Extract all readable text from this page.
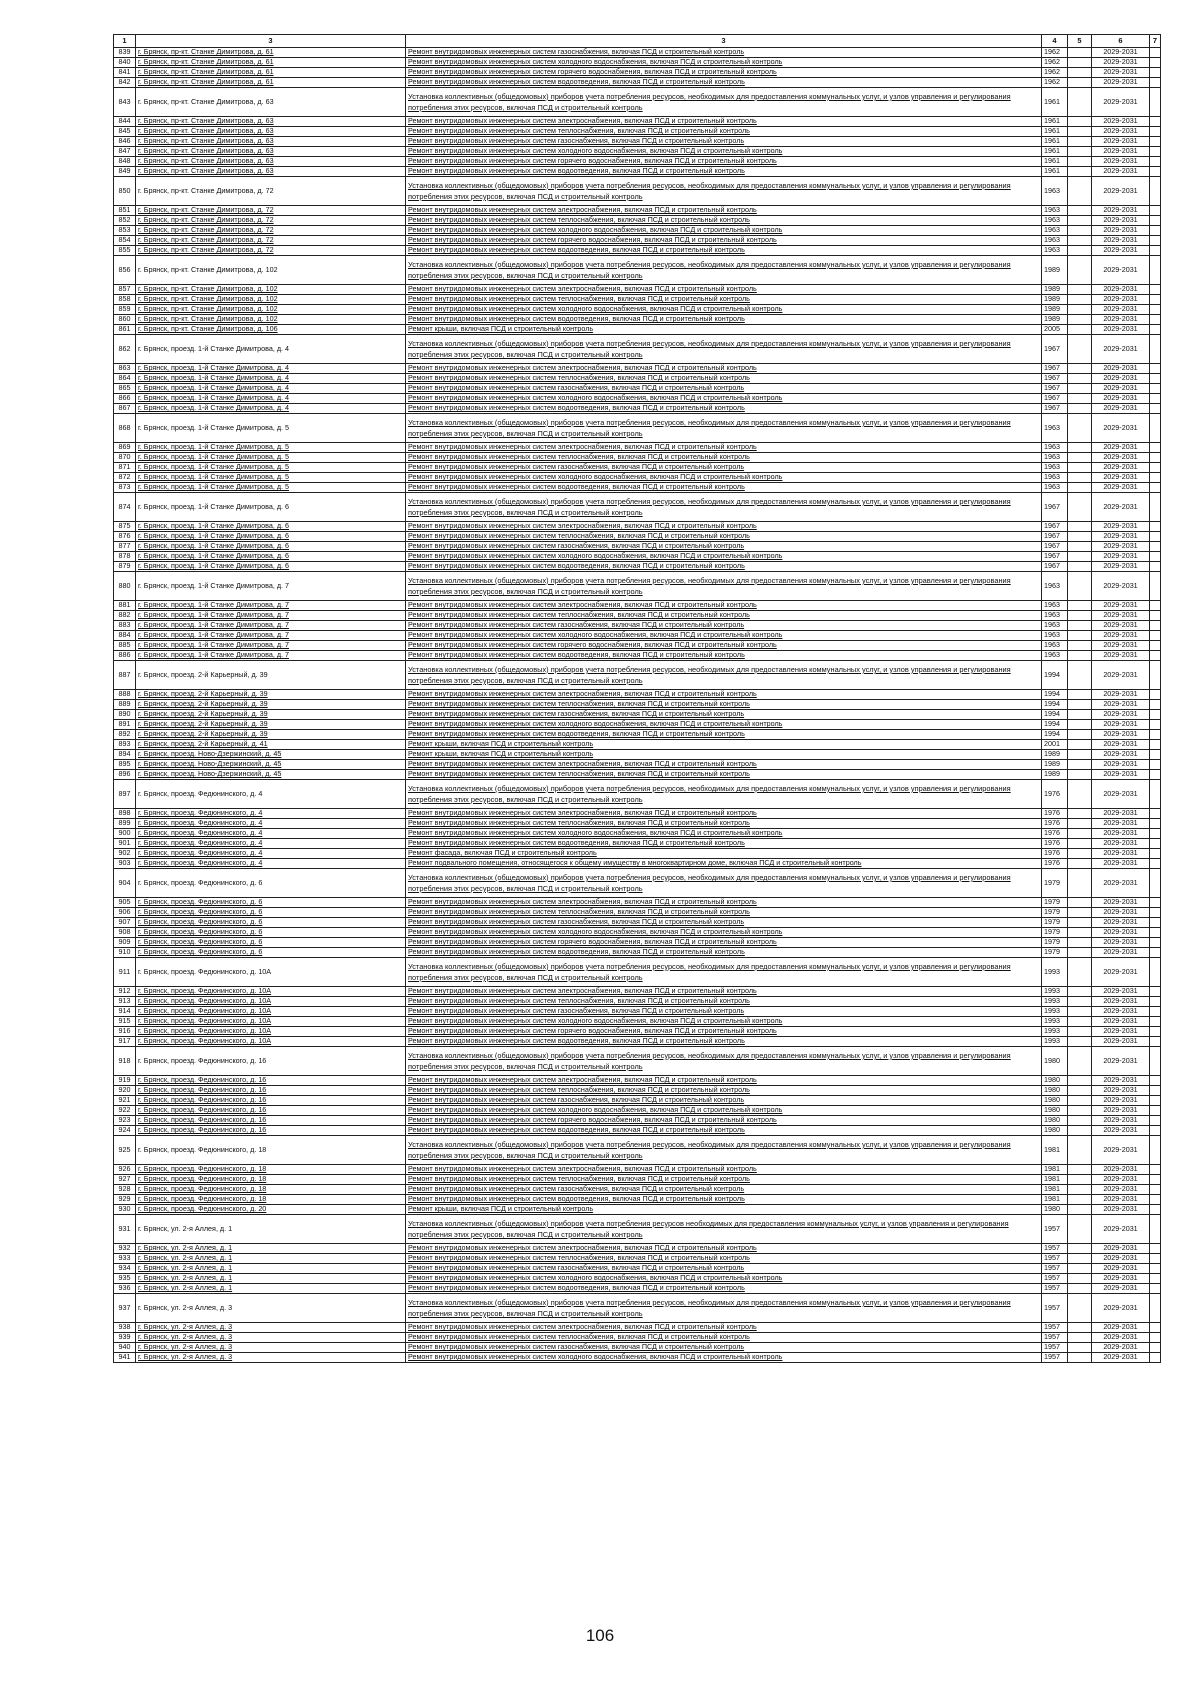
1	3	3	4	5	6	7
839	г. Брянск, пр-кт. Станке Димитрова, д. 61	Ремонт внутридомовых инженерных систем газоснабжения, включая ПСД и строительный контроль	1962		2029-2031	
840	г. Брянск, пр-кт. Станке Димитрова, д. 61	Ремонт внутридомовых инженерных систем холодного водоснабжения, включая ПСД и строительный контроль	1962		2029-2031	
841	г. Брянск, пр-кт. Станке Димитрова, д. 61	Ремонт внутридомовых инженерных систем горячего водоснабжения, включая ПСД и строительный контроль	1962		2029-2031	
842	г. Брянск, пр-кт. Станке Димитрова, д. 61	Ремонт внутридомовых инженерных систем водоотведения, включая ПСД и строительный контроль	1962		2029-2031	
843	г. Брянск, пр-кт. Станке Димитрова, д. 63	Установка коллективных (общедомовых) приборов учета потребления ресурсов, необходимых для предоставления коммунальных услуг, и узлов управления и регулирования потребления этих ресурсов, включая ПСД и строительный контроль	1961		2029-2031	
844	г. Брянск, пр-кт. Станке Димитрова, д. 63	Ремонт внутридомовых инженерных систем электроснабжения, включая ПСД и строительный контроль	1961		2029-2031	
845	г. Брянск, пр-кт. Станке Димитрова, д. 63	Ремонт внутридомовых инженерных систем теплоснабжения, включая ПСД и строительный контроль	1961		2029-2031	
846	г. Брянск, пр-кт. Станке Димитрова, д. 63	Ремонт внутридомовых инженерных систем газоснабжения, включая ПСД и строительный контроль	1961		2029-2031	
847	г. Брянск, пр-кт. Станке Димитрова, д. 63	Ремонт внутридомовых инженерных систем холодного водоснабжения, включая ПСД и строительный контроль	1961		2029-2031	
848	г. Брянск, пр-кт. Станке Димитрова, д. 63	Ремонт внутридомовых инженерных систем горячего водоснабжения, включая ПСД и строительный контроль	1961		2029-2031	
849	г. Брянск, пр-кт. Станке Димитрова, д. 63	Ремонт внутридомовых инженерных систем водоотведения, включая ПСД и строительный контроль	1961		2029-2031	
850	г. Брянск, пр-кт. Станке Димитрова, д. 72	Установка коллективных (общедомовых) приборов учета потребления ресурсов, необходимых для предоставления коммунальных услуг, и узлов управления и регулирования потребления этих ресурсов, включая ПСД и строительный контроль	1963		2029-2031	
851	г. Брянск, пр-кт. Станке Димитрова, д. 72	Ремонт внутридомовых инженерных систем электроснабжения, включая ПСД и строительный контроль	1963		2029-2031	
852	г. Брянск, пр-кт. Станке Димитрова, д. 72	Ремонт внутридомовых инженерных систем теплоснабжения, включая ПСД и строительный контроль	1963		2029-2031	
853	г. Брянск, пр-кт. Станке Димитрова, д. 72	Ремонт внутридомовых инженерных систем холодного водоснабжения, включая ПСД и строительный контроль	1963		2029-2031	
854	г. Брянск, пр-кт. Станке Димитрова, д. 72	Ремонт внутридомовых инженерных систем горячего водоснабжения, включая ПСД и строительный контроль	1963		2029-2031	
855	г. Брянск, пр-кт. Станке Димитрова, д. 72	Ремонт внутридомовых инженерных систем водоотведения, включая ПСД и строительный контроль	1963		2029-2031	
856	г. Брянск, пр-кт. Станке Димитрова, д. 102	Установка коллективных (общедомовых) приборов учета потребления ресурсов, необходимых для предоставления коммунальных услуг, и узлов управления и регулирования потребления этих ресурсов, включая ПСД и строительный контроль	1989		2029-2031	
857	г. Брянск, пр-кт. Станке Димитрова, д. 102	Ремонт внутридомовых инженерных систем электроснабжения, включая ПСД и строительный контроль	1989		2029-2031	
858	г. Брянск, пр-кт. Станке Димитрова, д. 102	Ремонт внутридомовых инженерных систем теплоснабжения, включая ПСД и строительный контроль	1989		2029-2031	
859	г. Брянск, пр-кт. Станке Димитрова, д. 102	Ремонт внутридомовых инженерных систем холодного водоснабжения, включая ПСД и строительный контроль	1989		2029-2031	
860	г. Брянск, пр-кт. Станке Димитрова, д. 102	Ремонт внутридомовых инженерных систем водоотведения, включая ПСД и строительный контроль	1989		2029-2031	
861	г. Брянск, пр-кт. Станке Димитрова, д. 106	Ремонт крыши, включая ПСД и строительный контроль	2005		2029-2031	
862	г. Брянск, проезд. 1-й Станке Димитрова, д. 4	Установка коллективных (общедомовых) приборов учета потребления ресурсов, необходимых для предоставления коммунальных услуг, и узлов управления и регулирования потребления этих ресурсов, включая ПСД и строительный контроль	1967		2029-2031	
863	г. Брянск, проезд. 1-й Станке Димитрова, д. 4	Ремонт внутридомовых инженерных систем электроснабжения, включая ПСД и строительный контроль	1967		2029-2031	
864	г. Брянск, проезд. 1-й Станке Димитрова, д. 4	Ремонт внутридомовых инженерных систем теплоснабжения, включая ПСД и строительный контроль	1967		2029-2031	
865	г. Брянск, проезд. 1-й Станке Димитрова, д. 4	Ремонт внутридомовых инженерных систем газоснабжения, включая ПСД и строительный контроль	1967		2029-2031	
866	г. Брянск, проезд. 1-й Станке Димитрова, д. 4	Ремонт внутридомовых инженерных систем холодного водоснабжения, включая ПСД и строительный контроль	1967		2029-2031	
867	г. Брянск, проезд. 1-й Станке Димитрова, д. 4	Ремонт внутридомовых инженерных систем водоотведения, включая ПСД и строительный контроль	1967		2029-2031	
868	г. Брянск, проезд. 1-й Станке Димитрова, д. 5	Установка коллективных (общедомовых) приборов учета потребления ресурсов, необходимых для предоставления коммунальных услуг, и узлов управления и регулирования потребления этих ресурсов, включая ПСД и строительный контроль	1963		2029-2031	
869	г. Брянск, проезд. 1-й Станке Димитрова, д. 5	Ремонт внутридомовых инженерных систем электроснабжения, включая ПСД и строительный контроль	1963		2029-2031	
870	г. Брянск, проезд. 1-й Станке Димитрова, д. 5	Ремонт внутридомовых инженерных систем теплоснабжения, включая ПСД и строительный контроль	1963		2029-2031	
871	г. Брянск, проезд. 1-й Станке Димитрова, д. 5	Ремонт внутридомовых инженерных систем газоснабжения, включая ПСД и строительный контроль	1963		2029-2031	
872	г. Брянск, проезд. 1-й Станке Димитрова, д. 5	Ремонт внутридомовых инженерных систем холодного водоснабжения, включая ПСД и строительный контроль	1963		2029-2031	
873	г. Брянск, проезд. 1-й Станке Димитрова, д. 5	Ремонт внутридомовых инженерных систем водоотведения, включая ПСД и строительный контроль	1963		2029-2031	
874	г. Брянск, проезд. 1-й Станке Димитрова, д. 6	Установка коллективных (общедомовых) приборов учета потребления ресурсов, необходимых для предоставления коммунальных услуг, и узлов управления и регулирования потребления этих ресурсов, включая ПСД и строительный контроль	1967		2029-2031	
875	г. Брянск, проезд. 1-й Станке Димитрова, д. 6	Ремонт внутридомовых инженерных систем электроснабжения, включая ПСД и строительный контроль	1967		2029-2031	
876	г. Брянск, проезд. 1-й Станке Димитрова, д. 6	Ремонт внутридомовых инженерных систем теплоснабжения, включая ПСД и строительный контроль	1967		2029-2031	
877	г. Брянск, проезд. 1-й Станке Димитрова, д. 6	Ремонт внутридомовых инженерных систем газоснабжения, включая ПСД и строительный контроль	1967		2029-2031	
878	г. Брянск, проезд. 1-й Станке Димитрова, д. 6	Ремонт внутридомовых инженерных систем холодного водоснабжения, включая ПСД и строительный контроль	1967		2029-2031	
879	г. Брянск, проезд. 1-й Станке Димитрова, д. 6	Ремонт внутридомовых инженерных систем водоотведения, включая ПСД и строительный контроль	1967		2029-2031	
880	г. Брянск, проезд. 1-й Станке Димитрова, д. 7	Установка коллективных (общедомовых) приборов учета потребления ресурсов, необходимых для предоставления коммунальных услуг, и узлов управления и регулирования потребления этих ресурсов, включая ПСД и строительный контроль	1963		2029-2031	
881	г. Брянск, проезд. 1-й Станке Димитрова, д. 7	Ремонт внутридомовых инженерных систем электроснабжения, включая ПСД и строительный контроль	1963		2029-2031	
882	г. Брянск, проезд. 1-й Станке Димитрова, д. 7	Ремонт внутридомовых инженерных систем теплоснабжения, включая ПСД и строительный контроль	1963		2029-2031	
883	г. Брянск, проезд. 1-й Станке Димитрова, д. 7	Ремонт внутридомовых инженерных систем газоснабжения, включая ПСД и строительный контроль	1963		2029-2031	
884	г. Брянск, проезд. 1-й Станке Димитрова, д. 7	Ремонт внутридомовых инженерных систем холодного водоснабжения, включая ПСД и строительный контроль	1963		2029-2031	
885	г. Брянск, проезд. 1-й Станке Димитрова, д. 7	Ремонт внутридомовых инженерных систем горячего водоснабжения, включая ПСД и строительный контроль	1963		2029-2031	
886	г. Брянск, проезд. 1-й Станке Димитрова, д. 7	Ремонт внутридомовых инженерных систем водоотведения, включая ПСД и строительный контроль	1963		2029-2031	
887	г. Брянск, проезд. 2-й Карьерный, д. 39	Установка коллективных (общедомовых) приборов учета потребления ресурсов, необходимых для предоставления коммунальных услуг, и узлов управления и регулирования потребления этих ресурсов, включая ПСД и строительный контроль	1994		2029-2031	
888	г. Брянск, проезд. 2-й Карьерный, д. 39	Ремонт внутридомовых инженерных систем электроснабжения, включая ПСД и строительный контроль	1994		2029-2031	
889	г. Брянск, проезд. 2-й Карьерный, д. 39	Ремонт внутридомовых инженерных систем теплоснабжения, включая ПСД и строительный контроль	1994		2029-2031	
890	г. Брянск, проезд. 2-й Карьерный, д. 39	Ремонт внутридомовых инженерных систем газоснабжения, включая ПСД и строительный контроль	1994		2029-2031	
891	г. Брянск, проезд. 2-й Карьерный, д. 39	Ремонт внутридомовых инженерных систем холодного водоснабжения, включая ПСД и строительный контроль	1994		2029-2031	
892	г. Брянск, проезд. 2-й Карьерный, д. 39	Ремонт внутридомовых инженерных систем водоотведения, включая ПСД и строительный контроль	1994		2029-2031	
893	г. Брянск, проезд. 2-й Карьерный, д. 41	Ремонт крыши, включая ПСД и строительный контроль	2001		2029-2031	
894	г. Брянск, проезд. Ново-Дзержинский, д. 45	Ремонт крыши, включая ПСД и строительный контроль	1989		2029-2031	
895	г. Брянск, проезд. Ново-Дзержинский, д. 45	Ремонт внутридомовых инженерных систем электроснабжения, включая ПСД и строительный контроль	1989		2029-2031	
896	г. Брянск, проезд. Ново-Дзержинский, д. 45	Ремонт внутридомовых инженерных систем теплоснабжения, включая ПСД и строительный контроль	1989		2029-2031	
897	г. Брянск, проезд. Федюнинского, д. 4	Установка коллективных (общедомовых) приборов учета потребления ресурсов, необходимых для предоставления коммунальных услуг, и узлов управления и регулирования потребления этих ресурсов, включая ПСД и строительный контроль	1976		2029-2031	
898	г. Брянск, проезд. Федюнинского, д. 4	Ремонт внутридомовых инженерных систем электроснабжения, включая ПСД и строительный контроль	1976		2029-2031	
899	г. Брянск, проезд. Федюнинского, д. 4	Ремонт внутридомовых инженерных систем теплоснабжения, включая ПСД и строительный контроль	1976		2029-2031	
900	г. Брянск, проезд. Федюнинского, д. 4	Ремонт внутридомовых инженерных систем холодного водоснабжения, включая ПСД и строительный контроль	1976		2029-2031	
901	г. Брянск, проезд. Федюнинского, д. 4	Ремонт внутридомовых инженерных систем водоотведения, включая ПСД и строительный контроль	1976		2029-2031	
902	г. Брянск, проезд. Федюнинского, д. 4	Ремонт фасада, включая ПСД и строительный контроль	1976		2029-2031	
903	г. Брянск, проезд. Федюнинского, д. 4	Ремонт подвального помещения, относящегося к общему имуществу в многоквартирном доме, включая ПСД и строительный контроль	1976		2029-2031	
904	г. Брянск, проезд. Федюнинского, д. 6	Установка коллективных (общедомовых) приборов учета потребления ресурсов, необходимых для предоставления коммунальных услуг, и узлов управления и регулирования потребления этих ресурсов, включая ПСД и строительный контроль	1979		2029-2031	
905	г. Брянск, проезд. Федюнинского, д. 6	Ремонт внутридомовых инженерных систем электроснабжения, включая ПСД и строительный контроль	1979		2029-2031	
906	г. Брянск, проезд. Федюнинского, д. 6	Ремонт внутридомовых инженерных систем теплоснабжения, включая ПСД и строительный контроль	1979		2029-2031	
907	г. Брянск, проезд. Федюнинского, д. 6	Ремонт внутридомовых инженерных систем газоснабжения, включая ПСД и строительный контроль	1979		2029-2031	
908	г. Брянск, проезд. Федюнинского, д. 6	Ремонт внутридомовых инженерных систем холодного водоснабжения, включая ПСД и строительный контроль	1979		2029-2031	
909	г. Брянск, проезд. Федюнинского, д. 6	Ремонт внутридомовых инженерных систем горячего водоснабжения, включая ПСД и строительный контроль	1979		2029-2031	
910	г. Брянск, проезд. Федюнинского, д. 6	Ремонт внутридомовых инженерных систем водоотведения, включая ПСД и строительный контроль	1979		2029-2031	
911	г. Брянск, проезд. Федюнинского, д. 10А	Установка коллективных (общедомовых) приборов учета потребления ресурсов, необходимых для предоставления коммунальных услуг, и узлов управления и регулирования потребления этих ресурсов, включая ПСД и строительный контроль	1993		2029-2031	
912	г. Брянск, проезд. Федюнинского, д. 10А	Ремонт внутридомовых инженерных систем электроснабжения, включая ПСД и строительный контроль	1993		2029-2031	
913	г. Брянск, проезд. Федюнинского, д. 10А	Ремонт внутридомовых инженерных систем теплоснабжения, включая ПСД и строительный контроль	1993		2029-2031	
914	г. Брянск, проезд. Федюнинского, д. 10А	Ремонт внутридомовых инженерных систем газоснабжения, включая ПСД и строительный контроль	1993		2029-2031	
915	г. Брянск, проезд. Федюнинского, д. 10А	Ремонт внутридомовых инженерных систем холодного водоснабжения, включая ПСД и строительный контроль	1993		2029-2031	
916	г. Брянск, проезд. Федюнинского, д. 10А	Ремонт внутридомовых инженерных систем горячего водоснабжения, включая ПСД и строительный контроль	1993		2029-2031	
917	г. Брянск, проезд. Федюнинского, д. 10А	Ремонт внутридомовых инженерных систем водоотведения, включая ПСД и строительный контроль	1993		2029-2031	
918	г. Брянск, проезд. Федюнинского, д. 16	Установка коллективных (общедомовых) приборов учета потребления ресурсов, необходимых для предоставления коммунальных услуг, и узлов управления и регулирования потребления этих ресурсов, включая ПСД и строительный контроль	1980		2029-2031	
919	г. Брянск, проезд. Федюнинского, д. 16	Ремонт внутридомовых инженерных систем электроснабжения, включая ПСД и строительный контроль	1980		2029-2031	
920	г. Брянск, проезд. Федюнинского, д. 16	Ремонт внутридомовых инженерных систем теплоснабжения, включая ПСД и строительный контроль	1980		2029-2031	
921	г. Брянск, проезд. Федюнинского, д. 16	Ремонт внутридомовых инженерных систем газоснабжения, включая ПСД и строительный контроль	1980		2029-2031	
922	г. Брянск, проезд. Федюнинского, д. 16	Ремонт внутридомовых инженерных систем холодного водоснабжения, включая ПСД и строительный контроль	1980		2029-2031	
923	г. Брянск, проезд. Федюнинского, д. 16	Ремонт внутридомовых инженерных систем горячего водоснабжения, включая ПСД и строительный контроль	1980		2029-2031	
924	г. Брянск, проезд. Федюнинского, д. 16	Ремонт внутридомовых инженерных систем водоотведения, включая ПСД и строительный контроль	1980		2029-2031	
925	г. Брянск, проезд. Федюнинского, д. 18	Установка коллективных (общедомовых) приборов учета потребления ресурсов, необходимых для предоставления коммунальных услуг, и узлов управления и регулирования потребления этих ресурсов, включая ПСД и строительный контроль	1981		2029-2031	
926	г. Брянск, проезд. Федюнинского, д. 18	Ремонт внутридомовых инженерных систем электроснабжения, включая ПСД и строительный контроль	1981		2029-2031	
927	г. Брянск, проезд. Федюнинского, д. 18	Ремонт внутридомовых инженерных систем теплоснабжения, включая ПСД и строительный контроль	1981		2029-2031	
928	г. Брянск, проезд. Федюнинского, д. 18	Ремонт внутридомовых инженерных систем газоснабжения, включая ПСД и строительный контроль	1981		2029-2031	
929	г. Брянск, проезд. Федюнинского, д. 18	Ремонт внутридомовых инженерных систем водоотведения, включая ПСД и строительный контроль	1981		2029-2031	
930	г. Брянск, проезд. Федюнинского, д. 20	Ремонт крыши, включая ПСД и строительный контроль	1980		2029-2031	
931	г. Брянск, ул. 2-я Аллея, д. 1	Установка коллективных (общедомовых) приборов учета потребления ресурсов необходимых для предоставления коммунальных услуг, и узлов управления и регулирования потребления этих ресурсов, включая ПСД и строительный контроль	1957		2029-2031	
932	г. Брянск, ул. 2-я Аллея, д. 1	Ремонт внутридомовых инженерных систем электроснабжения, включая ПСД и строительный контроль	1957		2029-2031	
933	г. Брянск, ул. 2-я Аллея, д. 1	Ремонт внутридомовых инженерных систем теплоснабжения, включая ПСД и строительный контроль	1957		2029-2031	
934	г. Брянск, ул. 2-я Аллея, д. 1	Ремонт внутридомовых инженерных систем газоснабжения, включая ПСД и строительный контроль	1957		2029-2031	
935	г. Брянск, ул. 2-я Аллея, д. 1	Ремонт внутридомовых инженерных систем холодного водоснабжения, включая ПСД и строительный контроль	1957		2029-2031	
936	г. Брянск, ул. 2-я Аллея, д. 1	Ремонт внутридомовых инженерных систем водоотведения, включая ПСД и строительный контроль	1957		2029-2031	
937	г. Брянск, ул. 2-я Аллея, д. 3	Установка коллективных (общедомовых) приборов учета потребления ресурсов, необходимых для предоставления коммунальных услуг, и узлов управления и регулирования потребления этих ресурсов, включая ПСД и строительный контроль	1957		2029-2031	
938	г. Брянск, ул. 2-я Аллея, д. 3	Ремонт внутридомовых инженерных систем электроснабжения, включая ПСД и строительный контроль	1957		2029-2031	
939	г. Брянск, ул. 2-я Аллея, д. 3	Ремонт внутридомовых инженерных систем теплоснабжения, включая ПСД и строительный контроль	1957		2029-2031	
940	г. Брянск, ул. 2-я Аллея, д. 3	Ремонт внутридомовых инженерных систем газоснабжения, включая ПСД и строительный контроль	1957		2029-2031	
941	г. Брянск, ул. 2-я Аллея, д. 3	Ремонт внутридомовых инженерных систем холодного водоснабжения, включая ПСД и строительный контроль	1957		2029-2031	
106
